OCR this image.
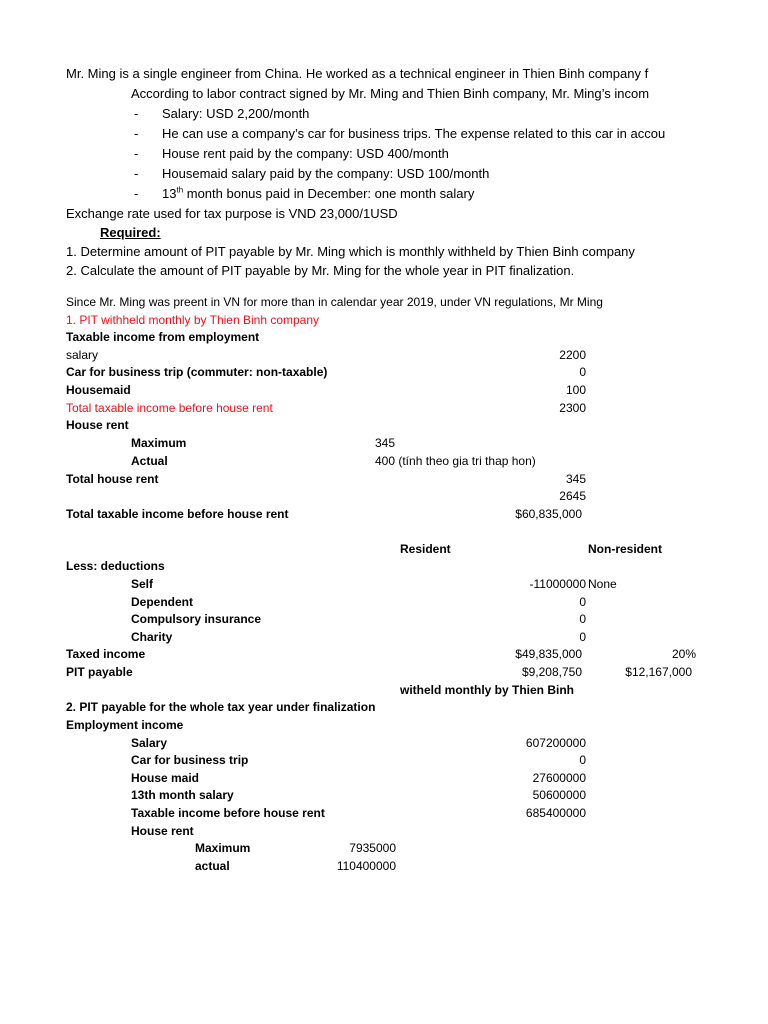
Mr. Ming is a single engineer from China. He worked as a technical engineer in Thien Binh company f
According to labor contract signed by Mr. Ming and Thien Binh company, Mr. Ming’s incom
- Salary: USD 2,200/month
- He can use a company’s car for business trips. The expense related to this car in accou
- House rent paid by the company: USD 400/month
- Housemaid salary paid by the company: USD 100/month
- 13th month bonus paid in December: one month salary
Exchange rate used for tax purpose is VND 23,000/1USD
Required:
1. Determine amount of PIT payable by Mr. Ming which is monthly withheld by Thien Binh company
2. Calculate the amount of PIT payable by Mr. Ming for the whole year in PIT finalization.
Since Mr. Ming was preent in VN for more than in calendar year 2019, under VN regulations, Mr Ming
1. PIT withheld monthly by Thien Binh company
Taxable income from employment
salary	2200
Car for business trip (commuter: non-taxable)	0
Housemaid	100
Total taxable income before house rent	2300
House rent
Maximum	345
Actual	400 (tính theo gia tri thap hon)
Total house rent	345
2645
Total taxable income before house rent	$60,835,000
Resident	Non-resident
Less: deductions
Self	-11000000 None
Dependent	0
Compulsory insurance	0
Charity	0
Taxed income	$49,835,000	20%
PIT payable	$9,208,750	$12,167,000
witheld monthly by Thien Binh
2. PIT payable for the whole tax year under finalization
Employment income
Salary	607200000
Car for business trip	0
House maid	27600000
13th month salary	50600000
Taxable income before house rent	685400000
House rent
Maximum	7935000
actual	110400000
